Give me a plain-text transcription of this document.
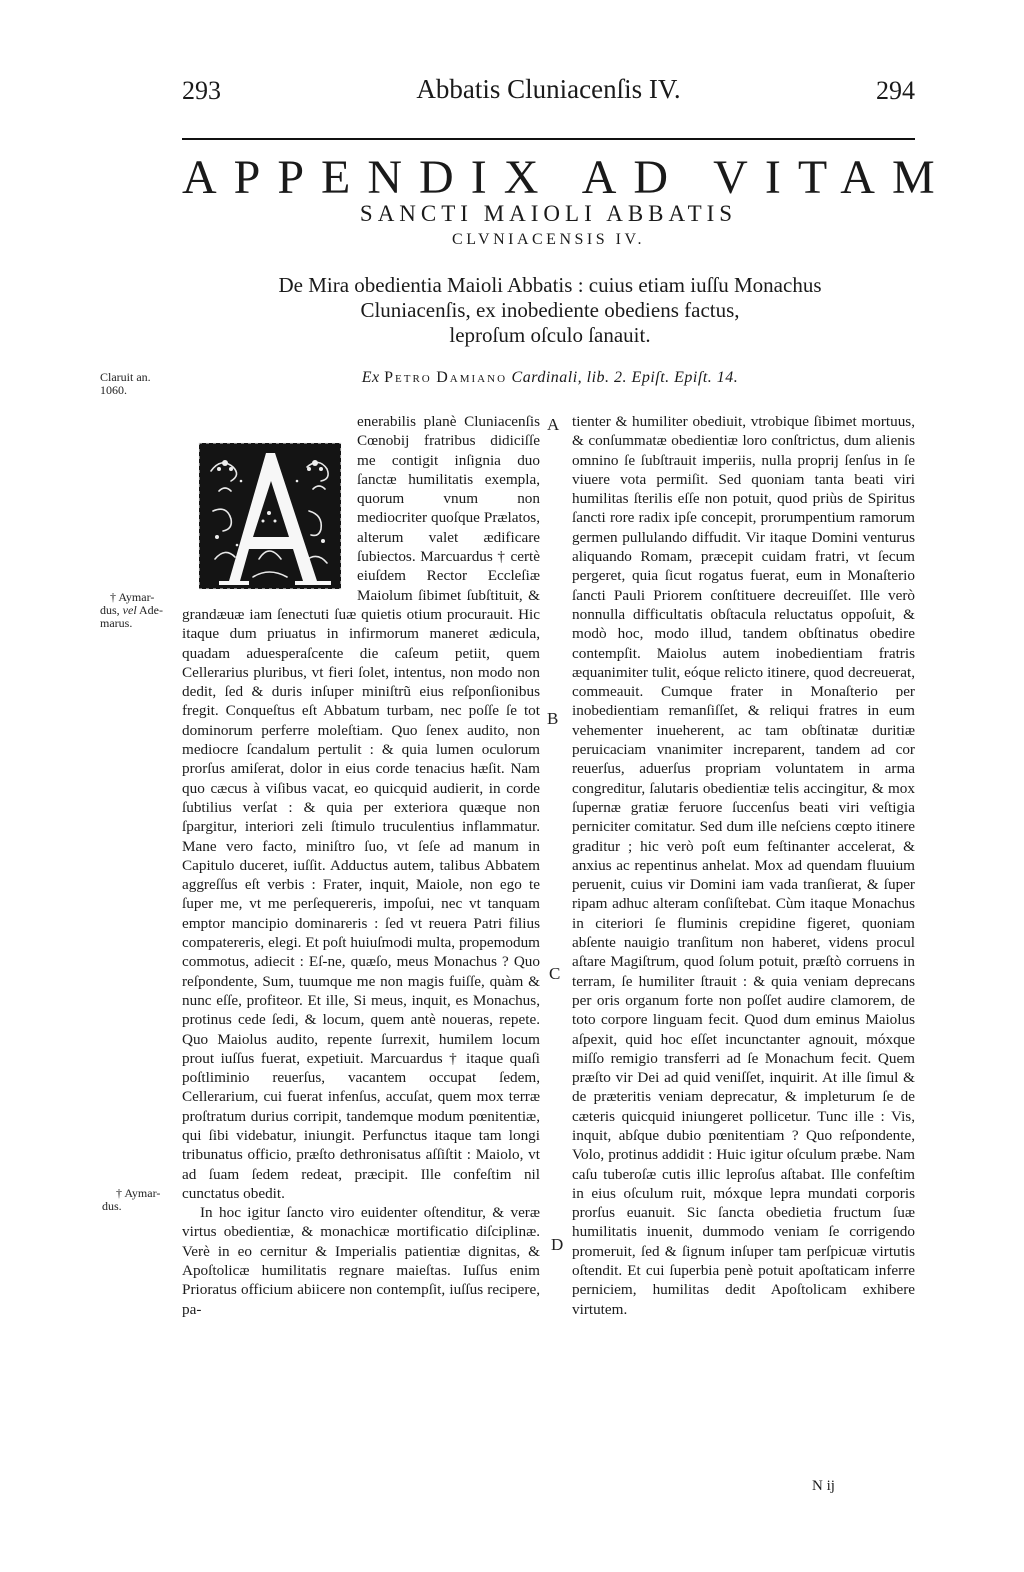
293	Abbatis Cluniacenſis IV.	294
APPENDIX AD VITAM
SANCTI MAIOLI ABBATIS
CLVNIACENSIS IV.
De Mira obedientia Maioli Abbatis : cuius etiam iuſſu Monachus
Cluniacenſis, ex inobediente obediens factus,
leproſum oſculo ſanauit.
Ex Petro Damiano Cardinali, lib. 2. Epiſt. Epiſt. 14.
Claruit an. 1060.
† Aymar-
dus, vel Ade-
marus.
† Aymar-
dus.
A
B
C
D

enerabilis planè Cluniacenſis Cœnobij fratribus didiciſſe me contigit inſignia duo ſanctæ humilitatis exempla, quorum vnum non mediocriter quoſque Prælatos, alterum valet ædificare ſubiectos. Marcuardus † certè eiuſdem Rector Eccleſiæ Maiolum ſibimet ſubſtituit, & grandæuæ iam ſenectuti ſuæ quietis otium procurauit. Hic itaque dum priuatus in infirmorum maneret ædicula, quadam aduesperaſcente die caſeum petiit, quem Cellerarius pluribus, vt fieri ſolet, intentus, non modo non dedit, ſed & duris inſuper miniſtrũ eius reſponſionibus fregit. Conqueſtus eſt Abbatum turbam, nec poſſe ſe tot dominorum perferre moleſtiam. Quo ſenex audito, non mediocre ſcandalum pertulit : & quia lumen oculorum prorſus amiſerat, dolor in eius corde tenacius hæſit. Nam quo cæcus à viſibus vacat, eo quicquid audierit, in corde ſubtilius verſat : & quia per exteriora quæque non ſpargitur, interiori zeli ſtimulo truculentius inflammatur. Mane vero facto, miniſtro ſuo, vt ſeſe ad manum in Capitulo duceret, iuſſit. Adductus autem, talibus Abbatem aggreſſus eſt verbis : Frater, inquit, Maiole, non ego te ſuper me, vt me perſequereris, impoſui, nec vt tanquam emptor mancipio dominareris : ſed vt reuera Patri filius compatereris, elegi. Et poſt huiuſmodi multa, propemodum commotus, adiecit : Eſ-ne, quæſo, meus Monachus ? Quo reſpondente, Sum, tuumque me non magis fuiſſe, quàm & nunc eſſe, profiteor. Et ille, Si meus, inquit, es Monachus, protinus cede ſedi, & locum, quem antè noueras, repete. Quo Maiolus audito, repente ſurrexit, humilem locum prout iuſſus fuerat, expetiuit. Marcuardus † itaque quaſi poſtliminio reuerſus, vacantem occupat ſedem, Cellerarium, cui fuerat infenſus, accuſat, quem mox terræ proſtratum durius corripit, tandemque modum pœnitentiæ, qui ſibi videbatur, iniungit. Perfunctus itaque tam longi tribunatus officio, præſto dethronisatus aſſiſtit : Maiolo, vt ad ſuam ſedem redeat, præcipit. Ille confeſtim nil cunctatus obedit.

In hoc igitur ſancto viro euidenter oſtenditur, & veræ virtus obedientiæ, & monachicæ mortificatio diſciplinæ. Verè in eo cernitur & Imperialis patientiæ dignitas, & Apoſtolicæ humilitatis regnare maieſtas. Iuſſus enim Prioratus officium abiicere non contempſit, iuſſus recipere, pa-

tienter & humiliter obediuit, vtrobique ſibimet mortuus, & conſummatæ obedientiæ loro conſtrictus, dum alienis omnino ſe ſubſtrauit imperiis, nulla proprij ſenſus in ſe viuere vota permiſit. Sed quoniam tanta beati viri humilitas ſterilis eſſe non potuit, quod priùs de Spiritus ſancti rore radix ipſe concepit, prorumpentium ramorum germen pullulando diffudit. Vir itaque Domini venturus aliquando Romam, præcepit cuidam fratri, vt ſecum pergeret, quia ſicut rogatus fuerat, eum in Monaſterio ſancti Pauli Priorem conſtituere decreuiſſet. Ille verò nonnulla difficultatis obſtacula reluctatus oppoſuit, & modò hoc, modo illud, tandem obſtinatus obedire contempſit. Maiolus autem inobedientiam fratris æquanimiter tulit, eóque relicto itinere, quod decreuerat, commeauit. Cumque frater in Monaſterio per inobedientiam remanſiſſet, & reliqui fratres in eum vehementer inueherent, ac tam obſtinatæ duritiæ peruicaciam vnanimiter increparent, tandem ad cor reuerſus, aduerſus propriam voluntatem in arma congreditur, ſalutaris obedientiæ telis accingitur, & mox ſupernæ gratiæ feruore ſuccenſus beati viri veſtigia perniciter comitatur. Sed dum ille neſciens cœpto itinere graditur ; hic verò poſt eum feſtinanter accelerat, & anxius ac repentinus anhelat. Mox ad quendam fluuium peruenit, cuius vir Domini iam vada tranſierat, & ſuper ripam adhuc alteram conſiſtebat. Cùm itaque Monachus in citeriori ſe fluminis crepidine figeret, quoniam abſente nauigio tranſitum non haberet, videns procul aſtare Magiſtrum, quod ſolum potuit, præſtò corruens in terram, ſe humiliter ſtrauit : & quia veniam deprecans per oris organum forte non poſſet audire clamorem, de toto corpore linguam fecit. Quod dum eminus Maiolus aſpexit, quid hoc eſſet incunctanter agnouit, móxque miſſo remigio transferri ad ſe Monachum fecit. Quem præſto vir Dei ad quid veniſſet, inquirit. At ille ſimul & de præteritis veniam deprecatur, & impleturum ſe de cæteris quicquid iniungeret pollicetur. Tunc ille : Vis, inquit, abſque dubio pœnitentiam ? Quo reſpondente, Volo, protinus addidit : Huic igitur oſculum præbe. Nam caſu tuberoſæ cutis illic leproſus aſtabat. Ille confeſtim in eius oſculum ruit, móxque lepra mundati corporis prorſus euanuit. Sic ſancta obedietia fructum ſuæ humilitatis inuenit, dummodo veniam ſe corrigendo promeruit, ſed & ſignum inſuper tam perſpicuæ virtutis oſtendit. Et cui ſuperbia penè potuit apoſtaticam inferre perniciem, humilitas dedit Apoſtolicam exhibere virtutem.

N ij
